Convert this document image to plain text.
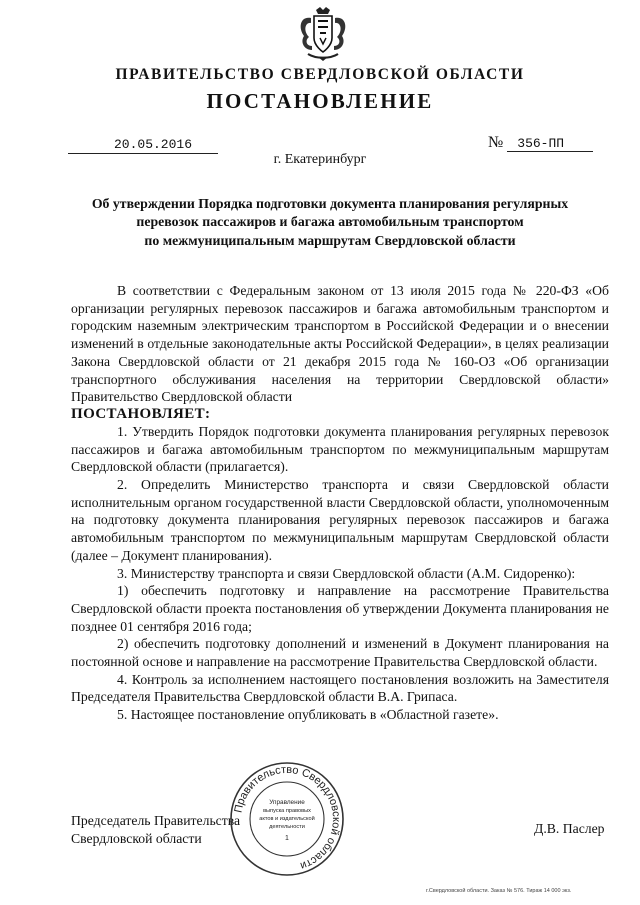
ПРАВИТЕЛЬСТВО СВЕРДЛОВСКОЙ ОБЛАСТИ
ПОСТАНОВЛЕНИЕ
20.05.2016	№ 356-ПП
г. Екатеринбург
Об утверждении Порядка подготовки документа планирования регулярных
перевозок пассажиров и багажа автомобильным транспортом
по межмуниципальным маршрутам Свердловской области

В соответствии с Федеральным законом от 13 июля 2015 года № 220-ФЗ «Об организации регулярных перевозок пассажиров и багажа автомобильным транспортом и городским наземным электрическим транспортом в Российской Федерации и о внесении изменений в отдельные законодательные акты Российской Федерации», в целях реализации Закона Свердловской области от 21 декабря 2015 года № 160-ОЗ «Об организации транспортного обслуживания населения на территории Свердловской области» Правительство Свердловской области

ПОСТАНОВЛЯЕТ:

1. Утвердить Порядок подготовки документа планирования регулярных перевозок пассажиров и багажа автомобильным транспортом по межмуниципальным маршрутам Свердловской области (прилагается).

2. Определить Министерство транспорта и связи Свердловской области исполнительным органом государственной власти Свердловской области, уполномоченным на подготовку документа планирования регулярных перевозок пассажиров и багажа автомобильным транспортом по межмуниципальным маршрутам Свердловской области (далее – Документ планирования).

3. Министерству транспорта и связи Свердловской области (А.М. Сидоренко):

1) обеспечить подготовку и направление на рассмотрение Правительства Свердловской области проекта постановления об утверждении Документа планирования не позднее 01 сентября 2016 года;

2) обеспечить подготовку дополнений и изменений в Документ планирования на постоянной основе и направление на рассмотрение Правительства Свердловской области.

4. Контроль за исполнением настоящего постановления возложить на Заместителя Председателя Правительства Свердловской области В.А. Грипаса.

5. Настоящее постановление опубликовать в «Областной газете».

Председатель Правительства
Свердловской области
Д.В. Паслер
Правительство Свердловской области
Управление
выпуска правовых
актов и издательской
деятельности
1
г.Свердловской области. Заказ № 576. Тираж 14 000 экз.
